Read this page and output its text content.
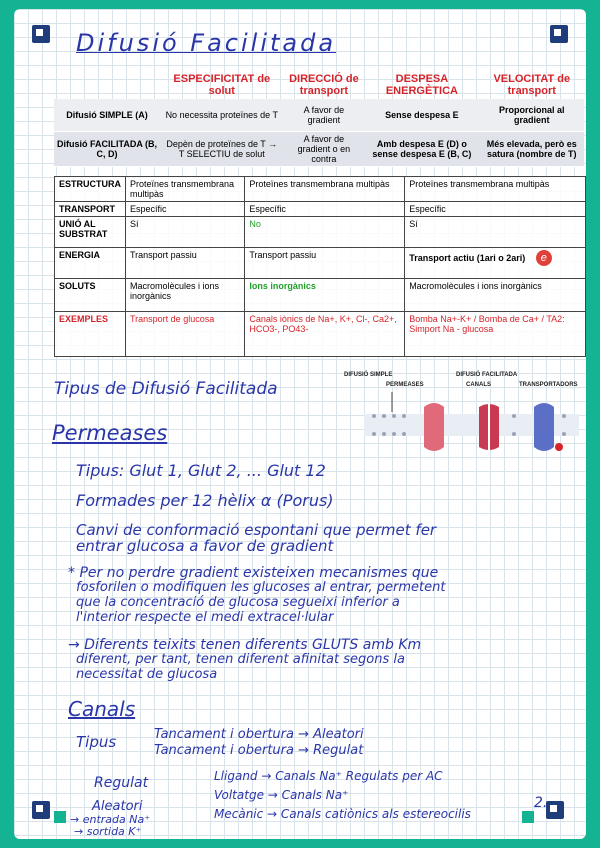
Difusió Facilitada
	ESPECIFICITAT de solut	DIRECCIÓ de transport	DESPESA ENERGÈTICA	VELOCITAT de transport
Difusió SIMPLE (A)	No necessita proteïnes de T	A favor de gradient	Sense despesa E	Proporcional al gradient
Difusió FACILITADA (B, C, D)	Depèn de proteïnes de T → T SELECTIU de solut	A favor de gradient o en contra	Amb despesa E (D) o sense despesa E (B, C)	Més elevada, però es satura (nombre de T)
ESTRUCTURA	Proteïnes transmembrana multipàs	Proteïnes transmembrana multipàs	Proteïnes transmembrana multipàs
TRANSPORT	Específic	Específic	Específic
UNIÓ AL SUBSTRAT	Sí	No	Sí
ENERGIA	Transport passiu	Transport passiu	Transport actiu (1ari o 2ari) e
SOLUTS	Macromolècules i ions inorgànics	Ions inorgànics	Macromolècules i ions inorgànics
EXEMPLES	Transport de glucosa	Canals iònics de Na+, K+, Cl-, Ca2+, HCO3-, PO43-	Bomba Na+-K+ / Bomba de Ca+ / TA2: Simport Na - glucosa
DIFUSIÓ SIMPLE	DIFUSIÓ FACILITADA
PERMEASES	CANALS	TRANSPORTADORS
Tipus de Difusió Facilitada
Permeases
Tipus: Glut 1, Glut 2, ... Glut 12
Formades per 12 hèlix α (Porus)
Canvi de conformació espontani que permet fer
entrar glucosa a favor de gradient
* Per no perdre gradient existeixen mecanismes que
fosforilen o modifiquen les glucoses al entrar, permetent
que la concentració de glucosa segueixi inferior a
l'interior respecte el medi extracel·lular
→ Diferents teixits tenen diferents GLUTS amb Km
diferent, per tant, tenen diferent afinitat segons la
necessitat de glucosa
Canals
Tipus	Tancament i obertura → Aleatori
Tancament i obertura → Regulat
Regulat	Lligand → Canals Na⁺ Regulats per AC
Voltatge → Canals Na⁺
Mecànic → Canals catiònics als estereocilis
Aleatori
→ entrada Na⁺
→ sortida K⁺
2.
